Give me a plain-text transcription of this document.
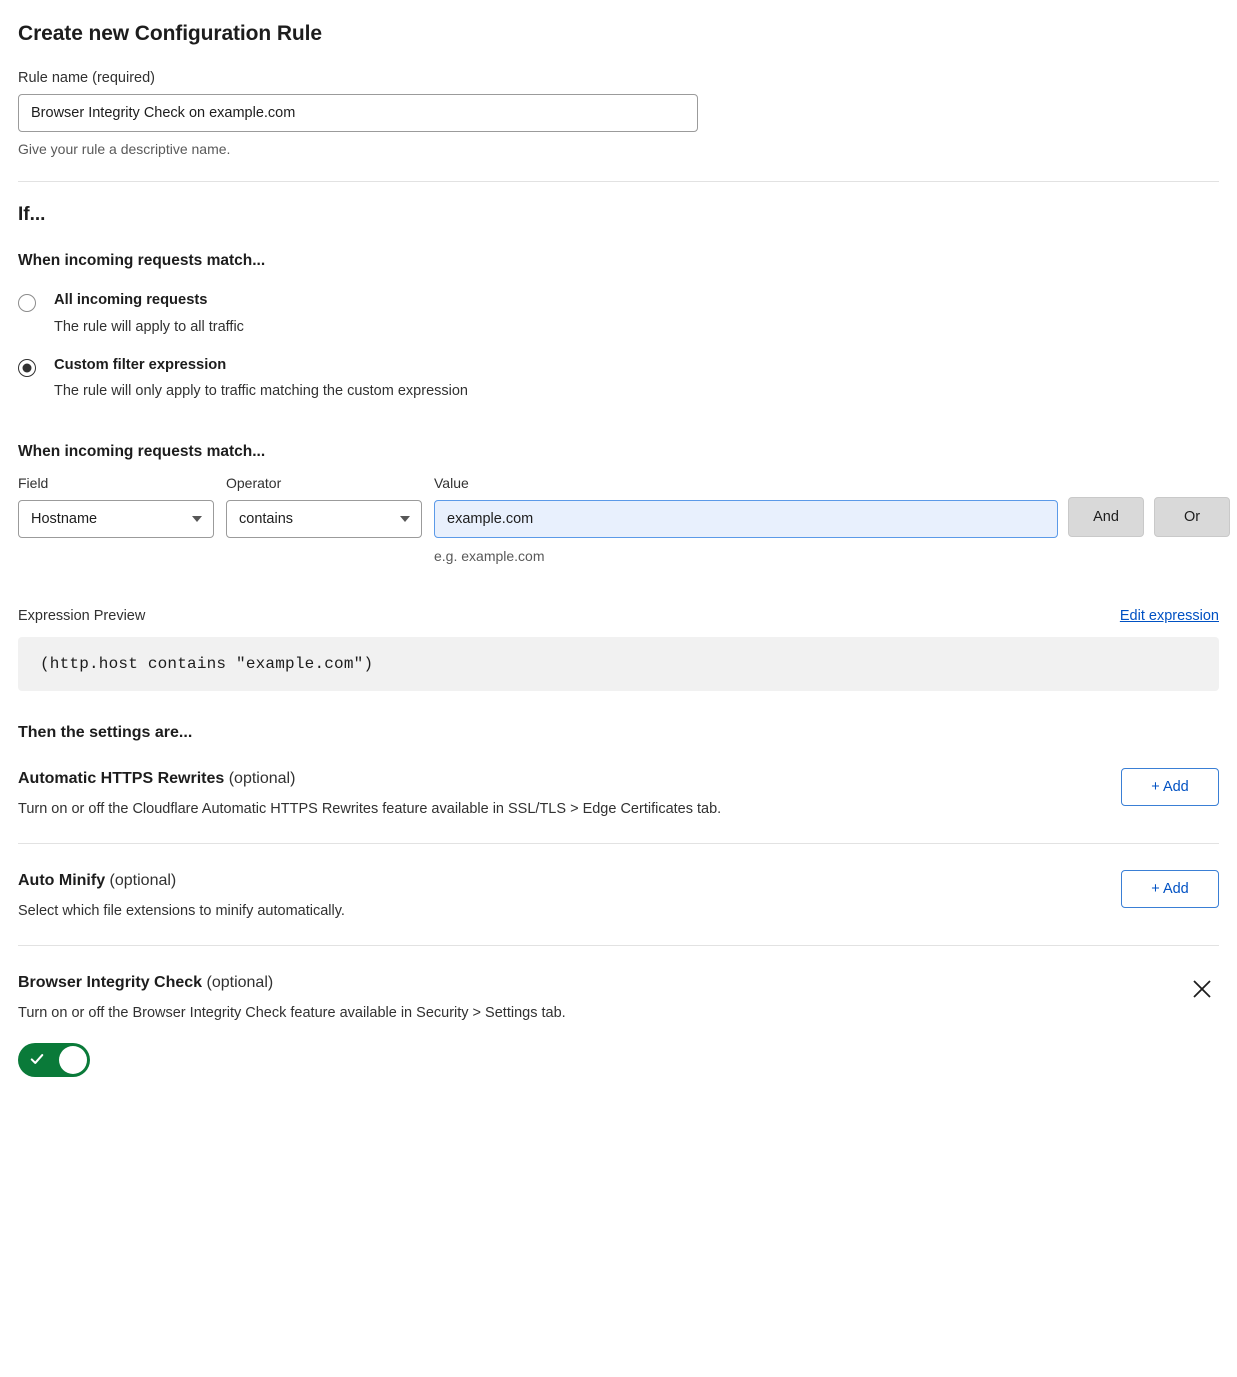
Create new Configuration Rule
Rule name (required)
Browser Integrity Check on example.com
Give your rule a descriptive name.
If...
When incoming requests match...
All incoming requests
The rule will apply to all traffic
Custom filter expression
The rule will only apply to traffic matching the custom expression
When incoming requests match...
Field
Hostname
Operator
contains
Value
example.com
e.g. example.com
And	Or
Expression Preview	Edit expression
(http.host contains "example.com")
Then the settings are...
Automatic HTTPS Rewrites (optional)
Turn on or off the Cloudflare Automatic HTTPS Rewrites feature available in SSL/TLS > Edge Certificates tab.
+ Add
Auto Minify (optional)
Select which file extensions to minify automatically.
+ Add
Browser Integrity Check (optional)
Turn on or off the Browser Integrity Check feature available in Security > Settings tab.
